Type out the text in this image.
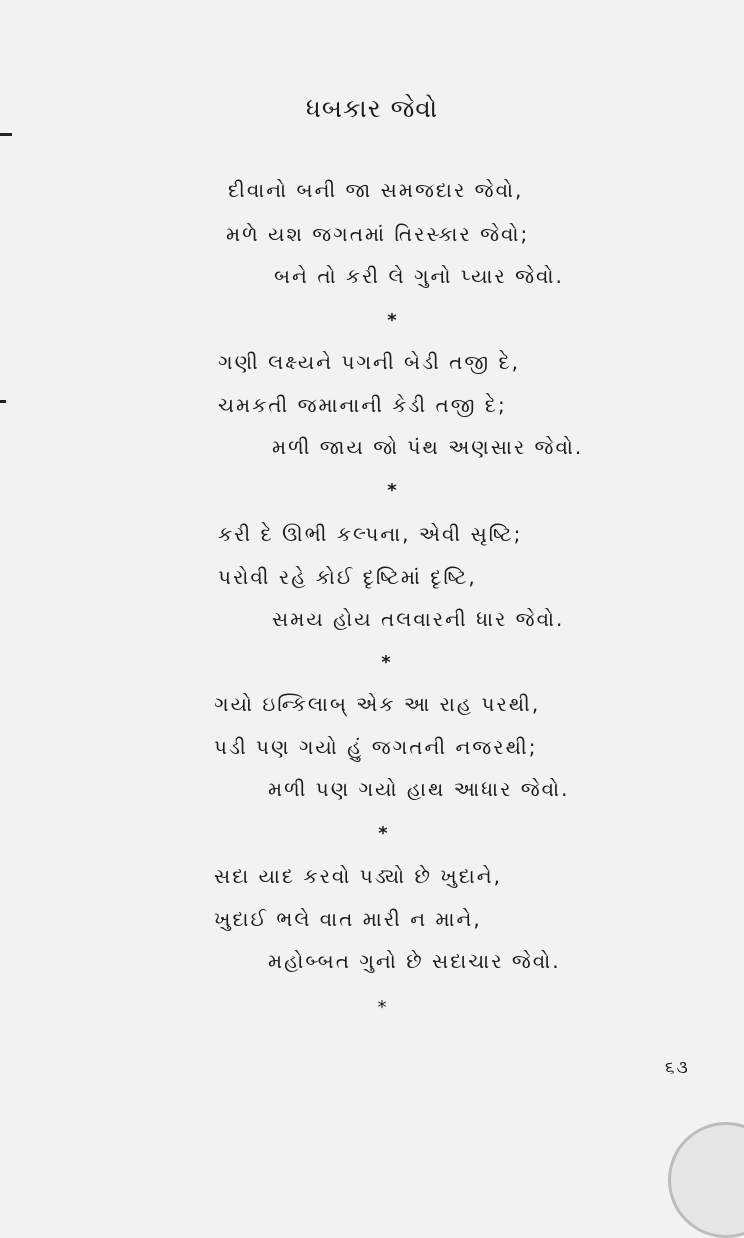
ધબકાર જેવો
દીવાનો બની જા સમજદાર જેવો,
મળે યશ જગતમાં તિરસ્કાર જેવો;
બને તો કરી લે ગુનો પ્યાર જેવો.
*
ગણી લક્ષ્યને પગની બેડી તજી દે,
ચમકતી જમાનાની કેડી તજી દે;
મળી જાય જો પંથ અણસાર જેવો.
*
કરી દે ઊભી કલ્પના, એવી સૃષ્ટિ;
પરોવી રહે કોઈ દૃષ્ટિમાં દૃષ્ટિ,
સમય હોય તલવારની ધાર જેવો.
*
ગયો ઇન્કિલાબ્ એક આ રાહ પરથી,
પડી પણ ગયો હું જગતની નજરથી;
મળી પણ ગયો હાથ આધાર જેવો.
*
સદા યાદ કરવો પડ્યો છે ખુદાને,
ખુદાઈ ભલે વાત મારી ન માને,
મહોબ્બત ગુનો છે સદાચાર જેવો.
*
૬૩
